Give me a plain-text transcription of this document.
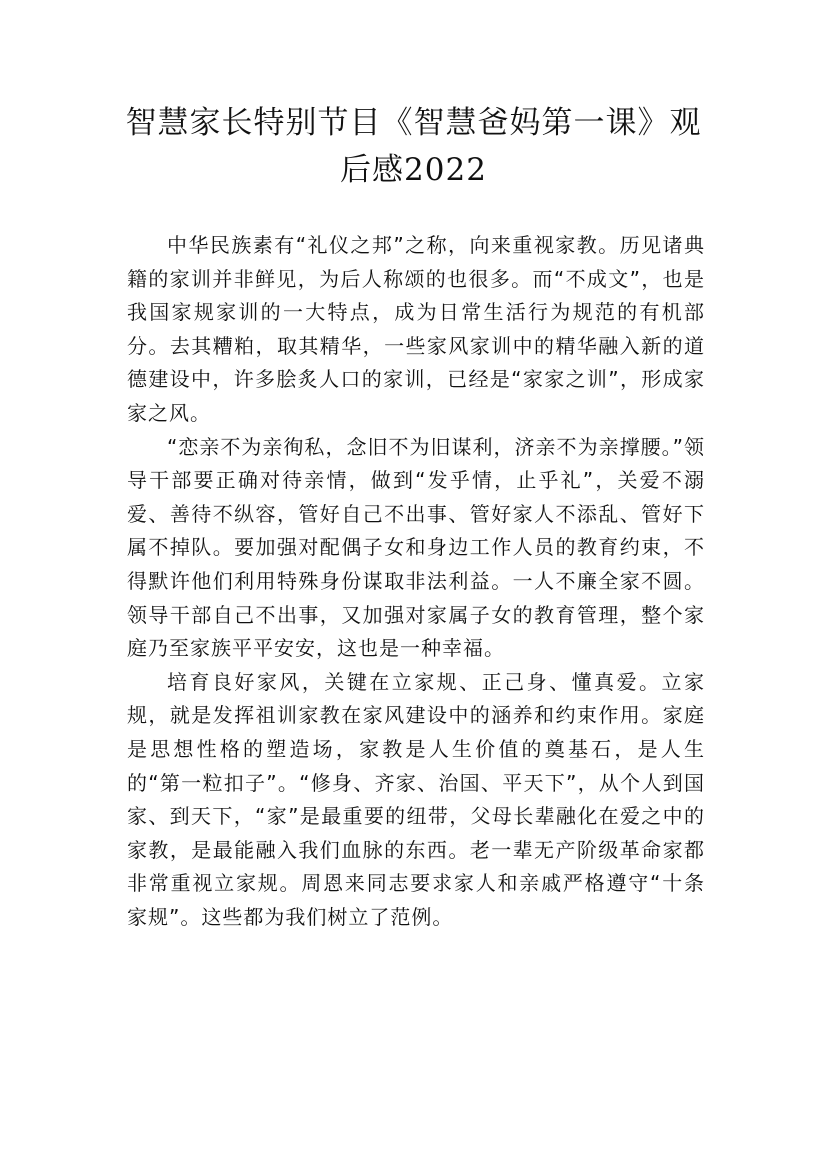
智慧家长特别节目《智慧爸妈第一课》观后感2022

中华民族素有“礼仪之邦”之称，向来重视家教。历见诸典籍的家训并非鲜见，为后人称颂的也很多。而“不成文”，也是我国家规家训的一大特点，成为日常生活行为规范的有机部分。去其糟粕，取其精华，一些家风家训中的精华融入新的道德建设中，许多脍炙人口的家训，已经是“家家之训”，形成家家之风。

“恋亲不为亲徇私，念旧不为旧谋利，济亲不为亲撑腰。”领导干部要正确对待亲情，做到“发乎情，止乎礼”，关爱不溺爱、善待不纵容，管好自己不出事、管好家人不添乱、管好下属不掉队。要加强对配偶子女和身边工作人员的教育约束，不得默许他们利用特殊身份谋取非法利益。一人不廉全家不圆。领导干部自己不出事，又加强对家属子女的教育管理，整个家庭乃至家族平平安安，这也是一种幸福。

培育良好家风，关键在立家规、正己身、懂真爱。立家规，就是发挥祖训家教在家风建设中的涵养和约束作用。家庭是思想性格的塑造场，家教是人生价值的奠基石，是人生的“第一粒扣子”。“修身、齐家、治国、平天下”，从个人到国家、到天下，“家”是最重要的纽带，父母长辈融化在爱之中的家教，是最能融入我们血脉的东西。老一辈无产阶级革命家都非常重视立家规。周恩来同志要求家人和亲戚严格遵守“十条家规”。这些都为我们树立了范例。
